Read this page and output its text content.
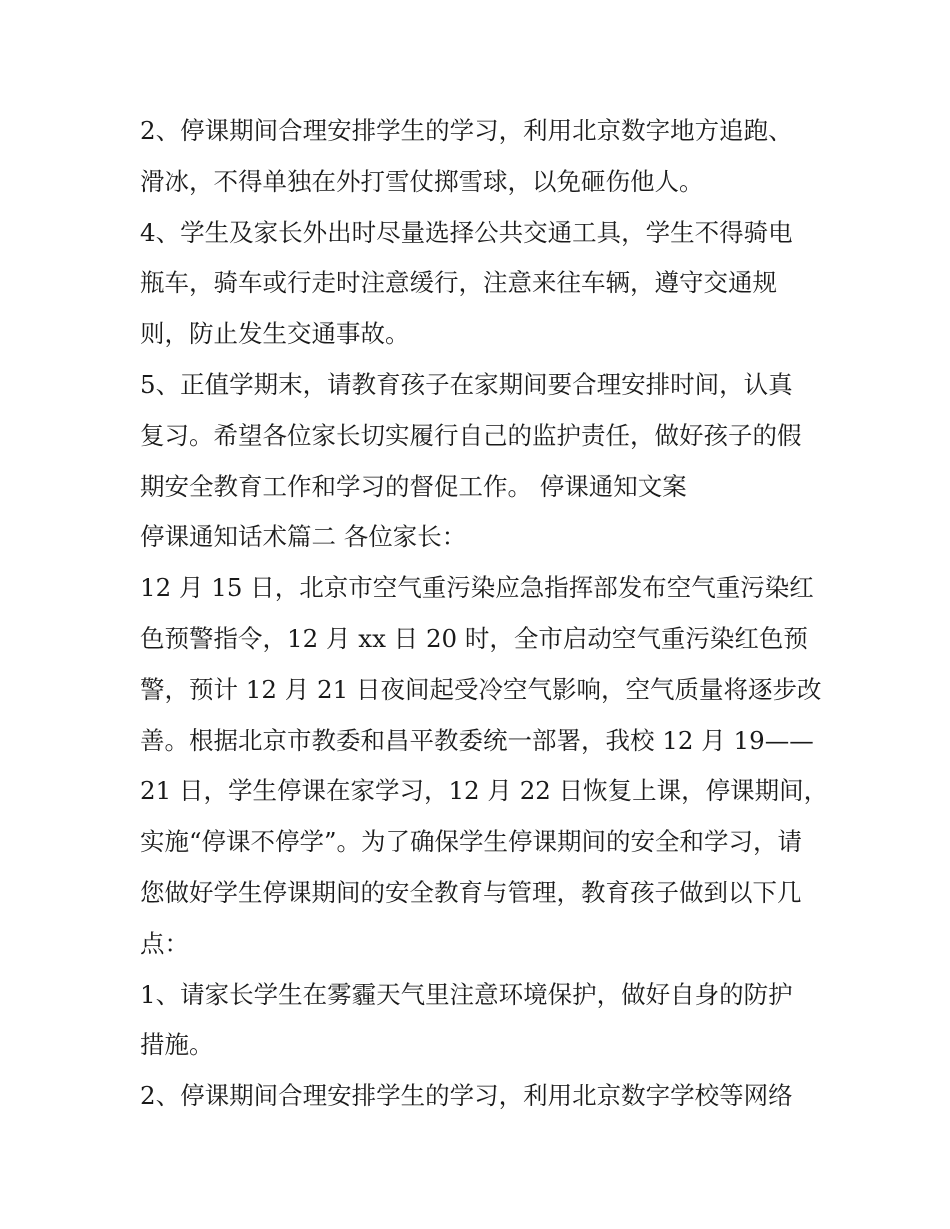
2、停课期间合理安排学生的学习，利用北京数字地方追跑、
滑冰，不得单独在外打雪仗掷雪球，以免砸伤他人。
4、学生及家长外出时尽量选择公共交通工具，学生不得骑电
瓶车，骑车或行走时注意缓行，注意来往车辆，遵守交通规
则，防止发生交通事故。
5、正值学期末，请教育孩子在家期间要合理安排时间，认真
复习。希望各位家长切实履行自己的监护责任，做好孩子的假
期安全教育工作和学习的督促工作。 停课通知文案
停课通知话术篇二 各位家长：
12 月 15 日，北京市空气重污染应急指挥部发布空气重污染红
色预警指令，12 月 xx 日 20 时，全市启动空气重污染红色预
警，预计 12 月 21 日夜间起受冷空气影响，空气质量将逐步改
善。根据北京市教委和昌平教委统一部署，我校 12 月 19——
21 日，学生停课在家学习，12 月 22 日恢复上课，停课期间，
实施“停课不停学”。为了确保学生停课期间的安全和学习，请
您做好学生停课期间的安全教育与管理，教育孩子做到以下几
点：
1、请家长学生在雾霾天气里注意环境保护，做好自身的防护
措施。
2、停课期间合理安排学生的学习，利用北京数字学校等网络
